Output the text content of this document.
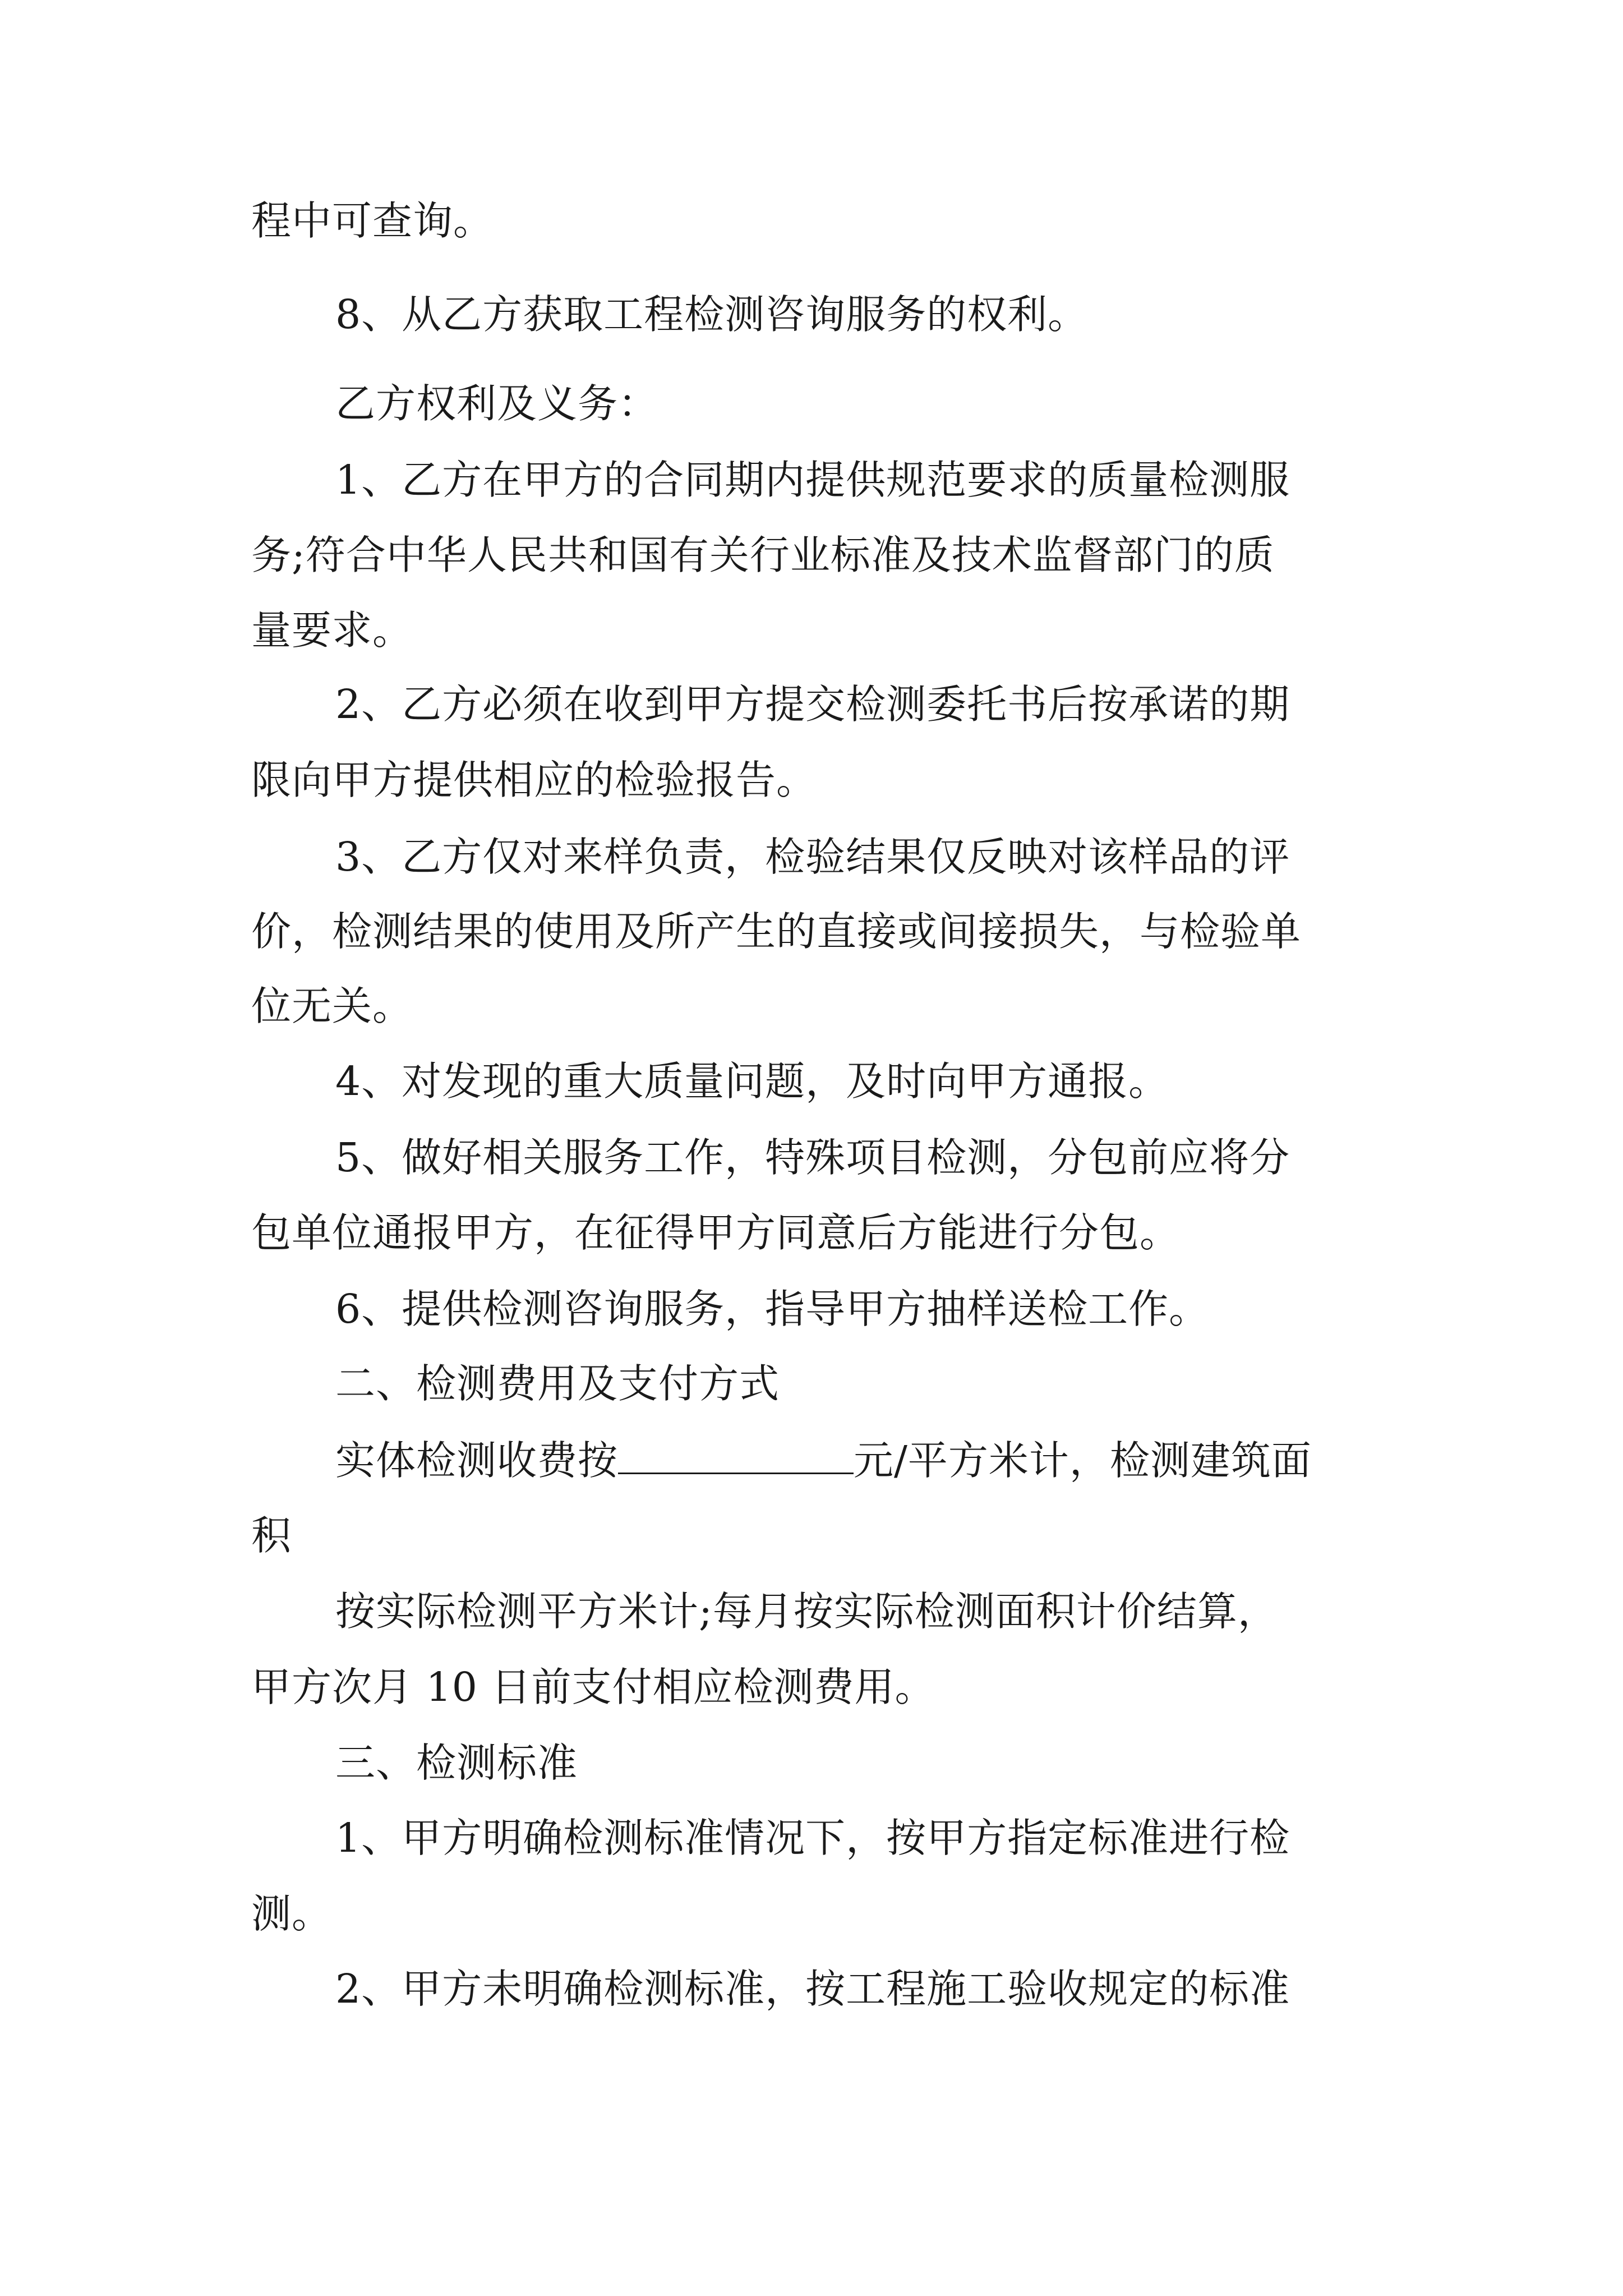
程中可查询。
8、从乙方获取工程检测咨询服务的权利。
乙方权利及义务：
1、乙方在甲方的合同期内提供规范要求的质量检测服
务;符合中华人民共和国有关行业标准及技术监督部门的质
量要求。
2、乙方必须在收到甲方提交检测委托书后按承诺的期
限向甲方提供相应的检验报告。
3、乙方仅对来样负责，检验结果仅反映对该样品的评
价，检测结果的使用及所产生的直接或间接损失，与检验单
位无关。
4、对发现的重大质量问题，及时向甲方通报。
5、做好相关服务工作，特殊项目检测，分包前应将分
包单位通报甲方，在征得甲方同意后方能进行分包。
6、提供检测咨询服务，指导甲方抽样送检工作。
二、检测费用及支付方式
实体检测收费按	元/平方米计，检测建筑面
积
按实际检测平方米计;每月按实际检测面积计价结算，
甲方次月 10 日前支付相应检测费用。
三、检测标准
1、甲方明确检测标准情况下，按甲方指定标准进行检
测。
2、甲方未明确检测标准，按工程施工验收规定的标准
